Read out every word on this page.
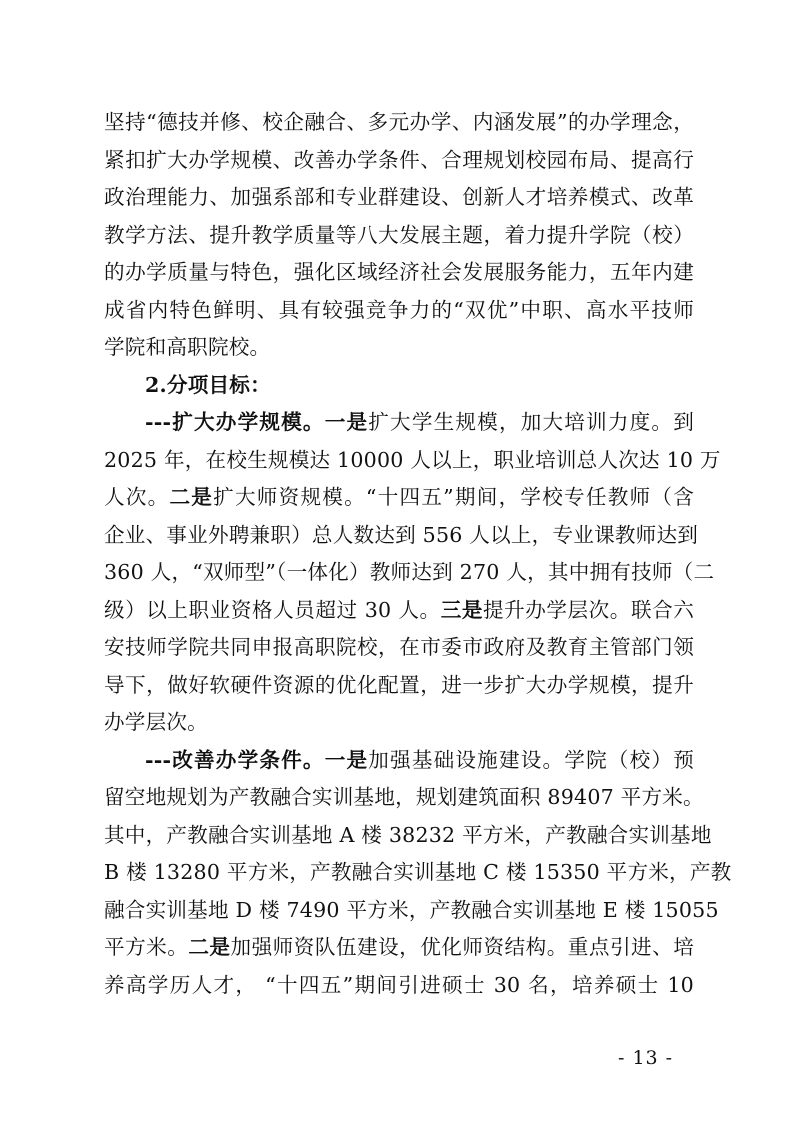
坚持“德技并修、校企融合、多元办学、内涵发展”的办学理念，
紧扣扩大办学规模、改善办学条件、合理规划校园布局、提高行
政治理能力、加强系部和专业群建设、创新人才培养模式、改革
教学方法、提升教学质量等八大发展主题，着力提升学院（校）
的办学质量与特色，强化区域经济社会发展服务能力，五年内建
成省内特色鲜明、具有较强竞争力的“双优”中职、高水平技师
学院和高职院校。
2.分项目标：
---扩大办学规模。一是扩大学生规模，加大培训力度。到
2025 年，在校生规模达 10000 人以上，职业培训总人次达 10 万
人次。二是扩大师资规模。“十四五”期间，学校专任教师（含
企业、事业外聘兼职）总人数达到 556 人以上，专业课教师达到
360 人，“双师型”（一体化）教师达到 270 人，其中拥有技师（二
级）以上职业资格人员超过 30 人。三是提升办学层次。联合六
安技师学院共同申报高职院校，在市委市政府及教育主管部门领
导下，做好软硬件资源的优化配置，进一步扩大办学规模，提升
办学层次。
---改善办学条件。一是加强基础设施建设。学院（校）预
留空地规划为产教融合实训基地，规划建筑面积 89407 平方米。
其中，产教融合实训基地 A 楼 38232 平方米，产教融合实训基地
B 楼 13280 平方米，产教融合实训基地 C 楼 15350 平方米，产教
融合实训基地 D 楼 7490 平方米，产教融合实训基地 E 楼 15055
平方米。二是加强师资队伍建设，优化师资结构。重点引进、培
养高学历人才， “十四五”期间引进硕士 30 名，培养硕士 10
- 13 -
